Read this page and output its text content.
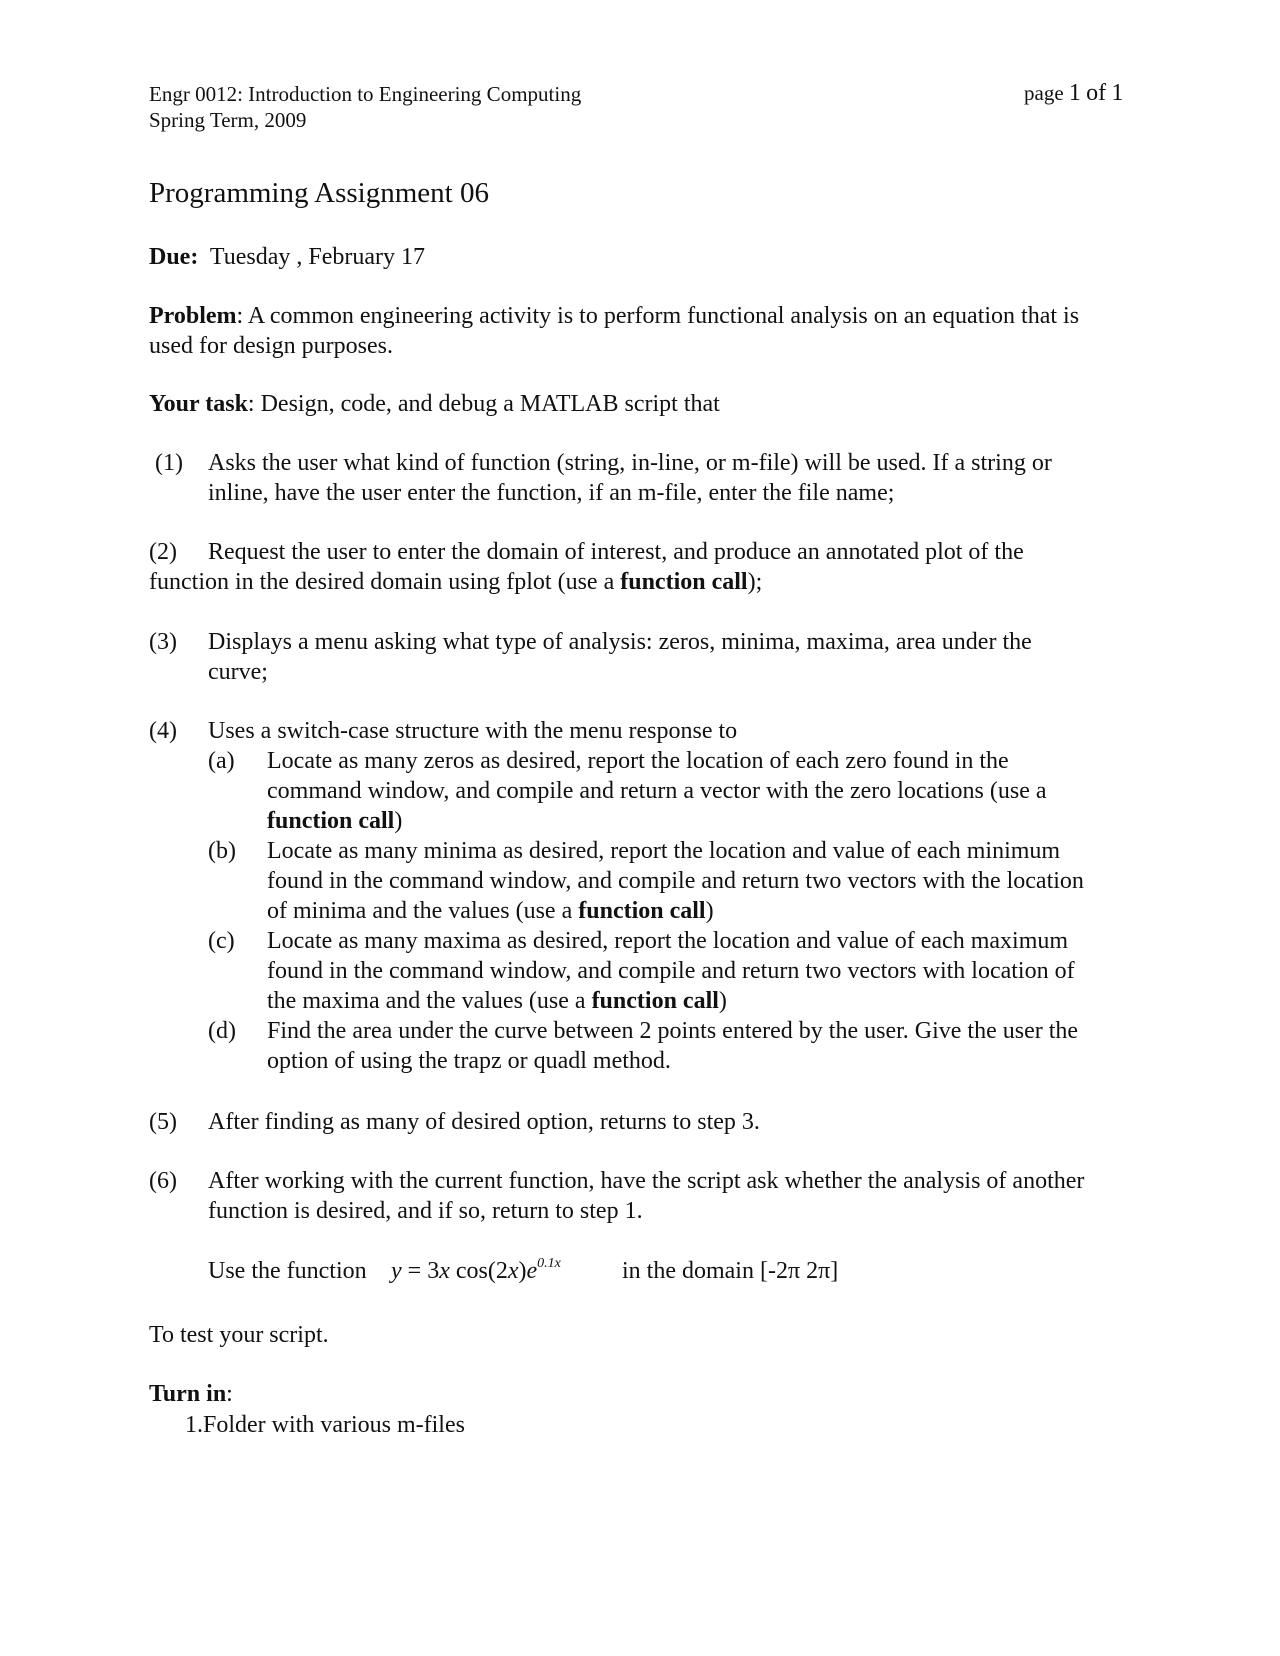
Engr 0012: Introduction to Engineering Computing
Spring Term, 2009
page 1 of 1
Programming Assignment 06
Due: Tuesday , February 17
Problem: A common engineering activity is to perform functional analysis on an equation that is
used for design purposes.
Your task: Design, code, and debug a MATLAB script that
(1) Asks the user what kind of function (string, in-line, or m-file) will be used. If a string or
inline, have the user enter the function, if an m-file, enter the file name;
(2) Request the user to enter the domain of interest, and produce an annotated plot of the
function in the desired domain using fplot (use a function call);
(3) Displays a menu asking what type of analysis: zeros, minima, maxima, area under the
curve;
(4) Uses a switch-case structure with the menu response to
(a) Locate as many zeros as desired, report the location of each zero found in the
command window, and compile and return a vector with the zero locations (use a
function call)
(b) Locate as many minima as desired, report the location and value of each minimum
found in the command window, and compile and return two vectors with the location
of minima and the values (use a function call)
(c) Locate as many maxima as desired, report the location and value of each maximum
found in the command window, and compile and return two vectors with location of
the maxima and the values (use a function call)
(d) Find the area under the curve between 2 points entered by the user. Give the user the
option of using the trapz or quadl method.
(5) After finding as many of desired option, returns to step 3.
(6) After working with the current function, have the script ask whether the analysis of another
function is desired, and if so, return to step 1.
Use the function y = 3x $\cos(2x)e^{0.1x}$	in the domain [-2π 2π]
To test your script.
Turn in:
1.Folder with various m-files
